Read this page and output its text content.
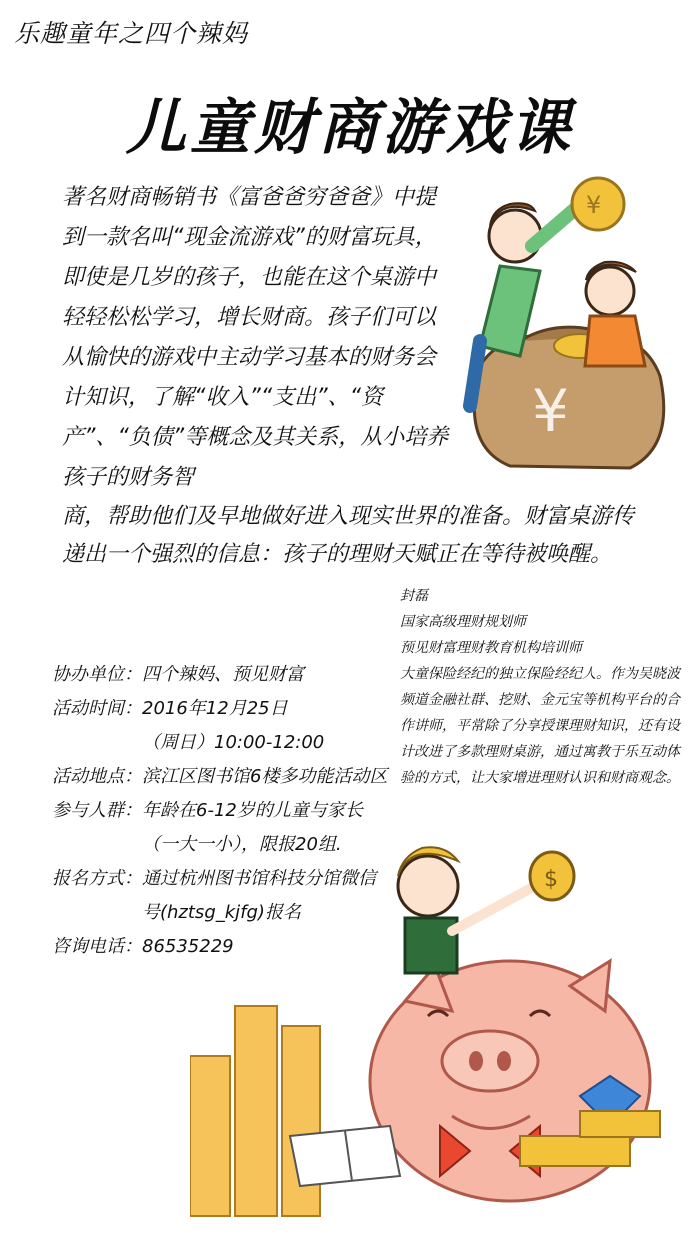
乐趣童年之四个辣妈
儿童财商游戏课
¥
¥
著名财商畅销书《富爸爸穷爸爸》中提到一款名叫“现金流游戏”的财富玩具，即使是几岁的孩子，也能在这个桌游中轻轻松松学习，增长财商。孩子们可以从愉快的游戏中主动学习基本的财务会计知识，了解“收入”“支出”、“资产”、“负债”等概念及其关系，从小培养孩子的财务智
商，帮助他们及早地做好进入现实世界的准备。财富桌游传递出一个强烈的信息：孩子的理财天赋正在等待被唤醒。

封磊

国家高级理财规划师

预见财富理财教育机构培训师

大童保险经纪的独立保险经纪人。作为吴晓波频道金融社群、挖财、金元宝等机构平台的合作讲师，平常除了分享授课理财知识，还有设计改进了多款理财桌游，通过寓教于乐互动体验的方式，让大家增进理财认识和财商观念。

协办单位： 四个辣妈、预见财富
活动时间： 2016年12月25日
（周日）10:00-12:00
活动地点： 滨江区图书馆6楼多功能活动区
参与人群： 年龄在6-12岁的儿童与家长（一大一小），限报20组.
报名方式： 通过杭州图书馆科技分馆微信号(hztsg_kjfg)报名
咨询电话： 86535229
$
